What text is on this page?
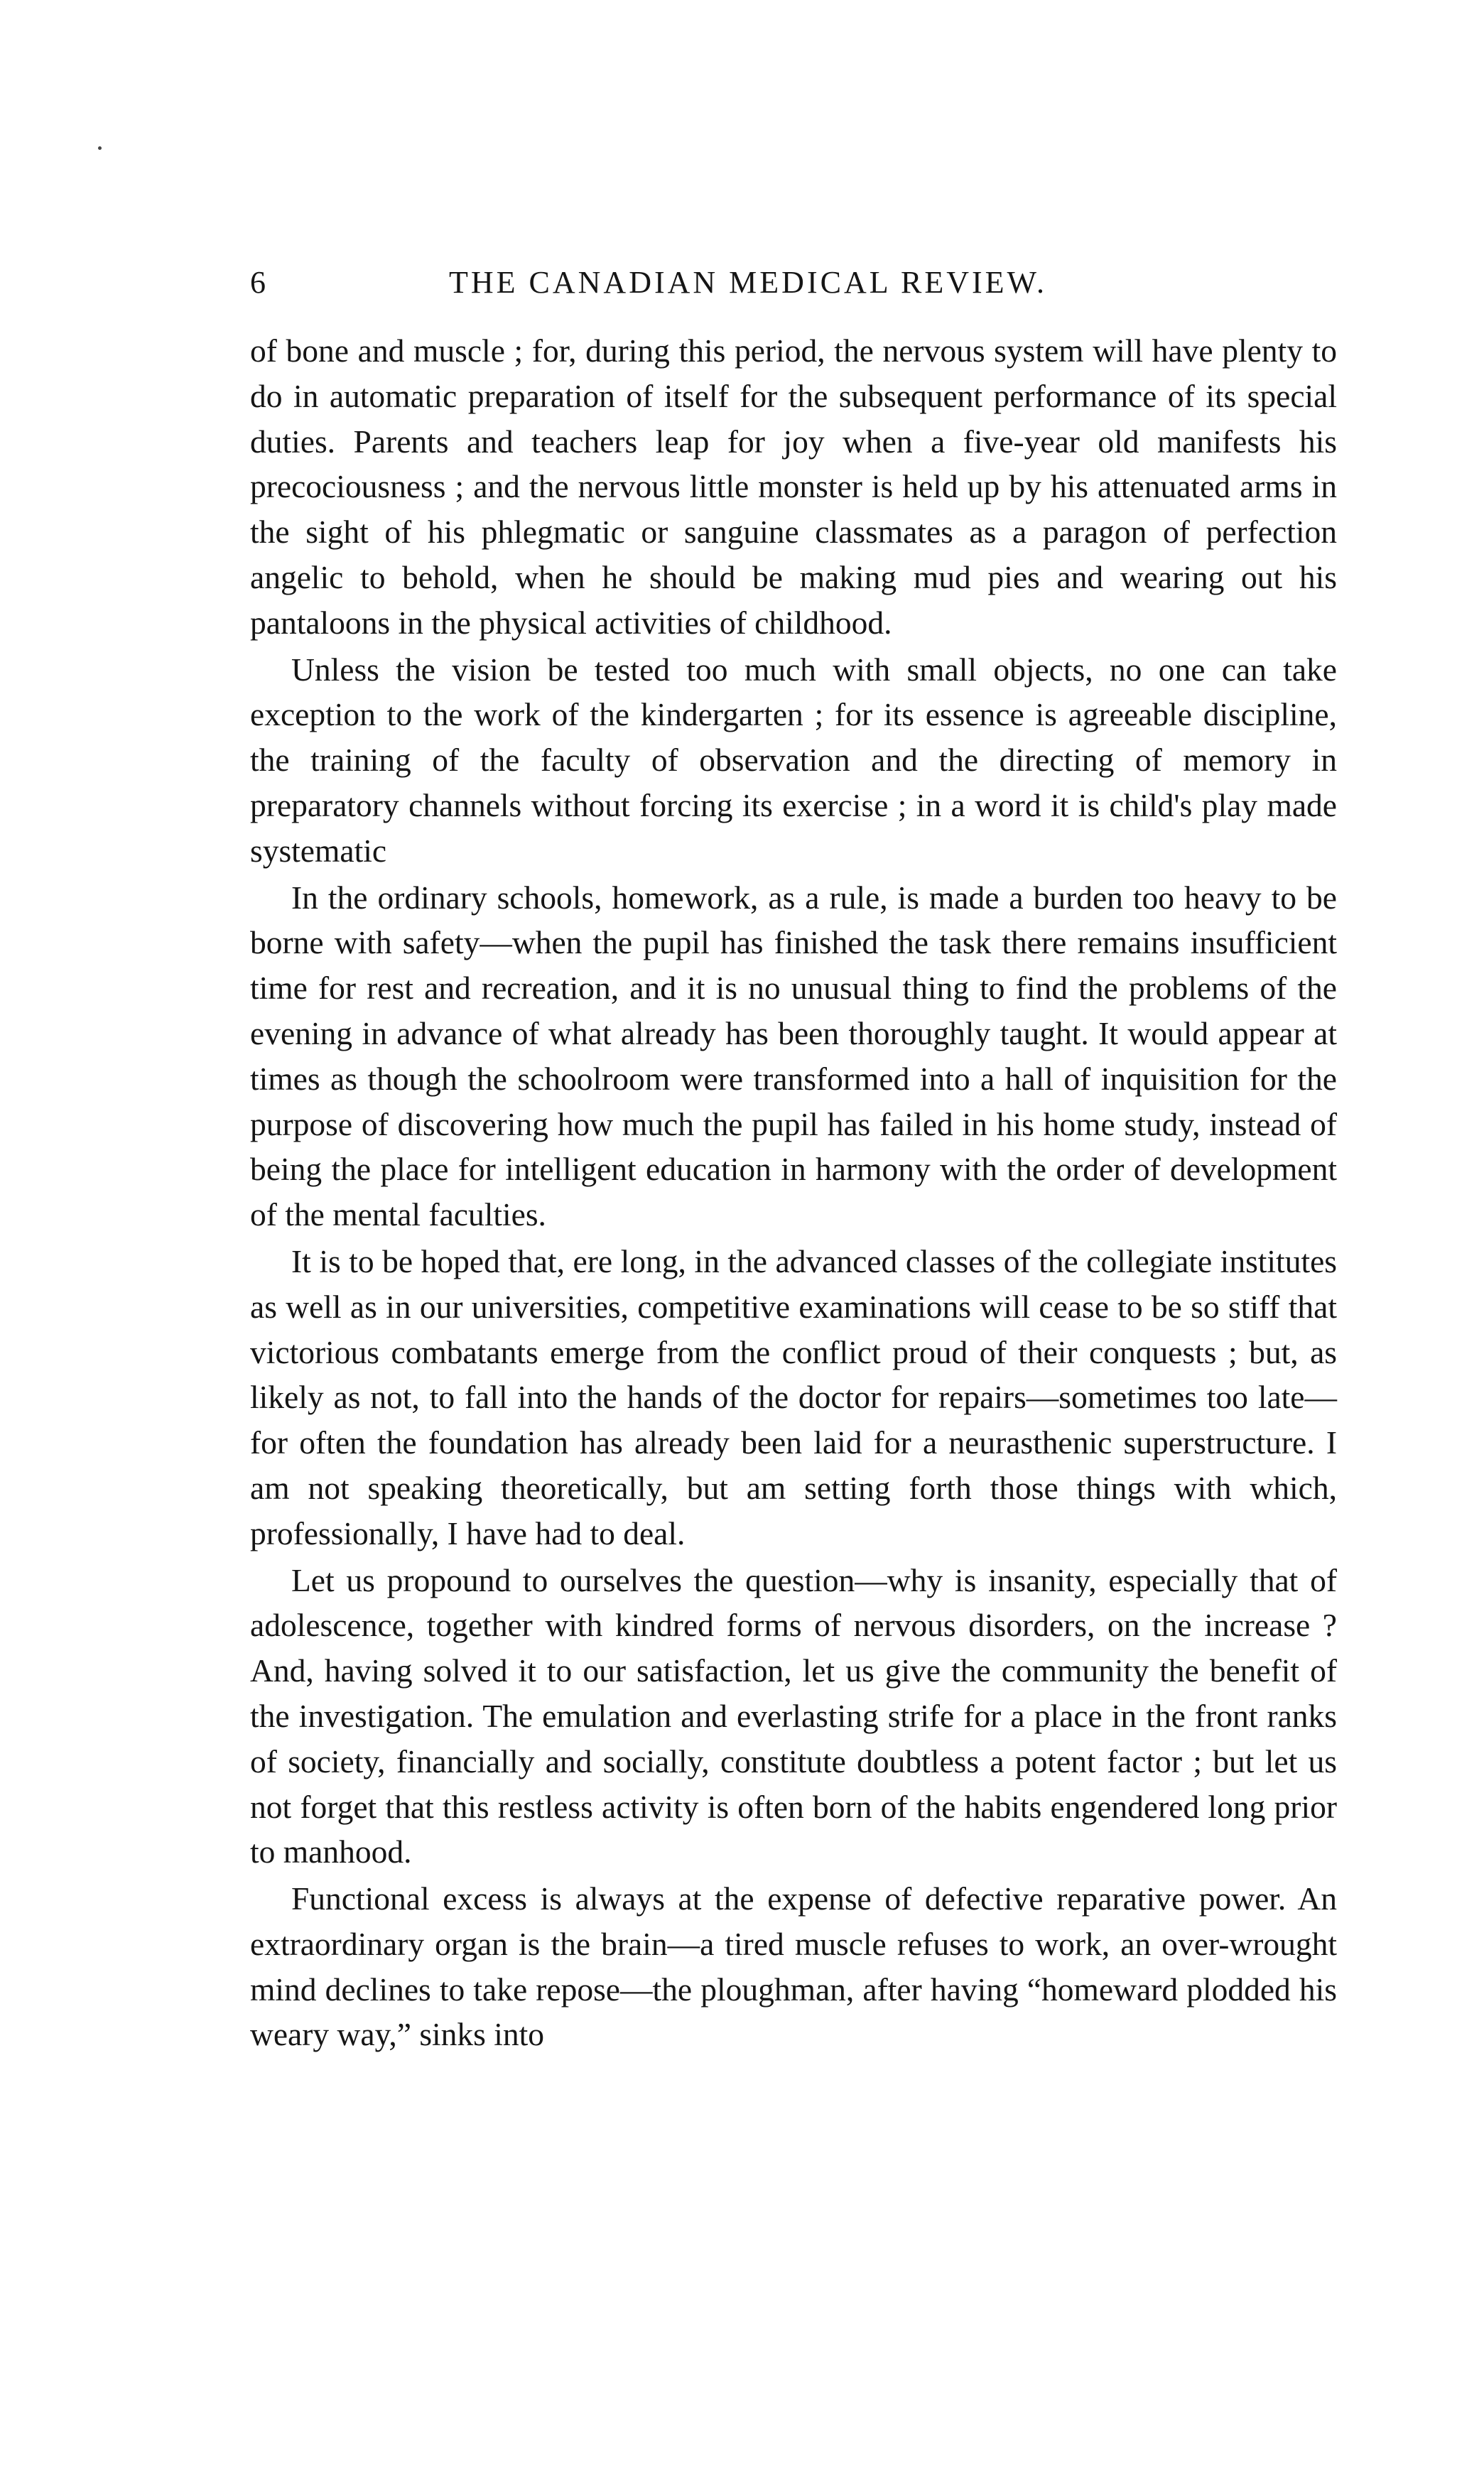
6	THE CANADIAN MEDICAL REVIEW.

of bone and muscle ; for, during this period, the nervous system will have plenty to do in automatic preparation of itself for the subsequent performance of its special duties. Parents and teachers leap for joy when a five-year old manifests his precociousness ; and the nervous little monster is held up by his attenuated arms in the sight of his phlegmatic or sanguine classmates as a paragon of perfection angelic to behold, when he should be making mud pies and wearing out his pantaloons in the physical activities of childhood.

Unless the vision be tested too much with small objects, no one can take exception to the work of the kindergarten ; for its essence is agreeable discipline, the training of the faculty of observation and the directing of memory in preparatory channels without forcing its exercise ; in a word it is child's play made systematic

In the ordinary schools, homework, as a rule, is made a burden too heavy to be borne with safety—when the pupil has finished the task there remains insufficient time for rest and recreation, and it is no unusual thing to find the problems of the evening in advance of what already has been thoroughly taught. It would appear at times as though the schoolroom were transformed into a hall of inquisition for the purpose of discovering how much the pupil has failed in his home study, instead of being the place for intelligent education in harmony with the order of development of the mental faculties.

It is to be hoped that, ere long, in the advanced classes of the collegiate institutes as well as in our universities, competitive examinations will cease to be so stiff that victorious combatants emerge from the conflict proud of their conquests ; but, as likely as not, to fall into the hands of the doctor for repairs—sometimes too late—for often the foundation has already been laid for a neurasthenic superstructure. I am not speaking theoretically, but am setting forth those things with which, professionally, I have had to deal.

Let us propound to ourselves the question—why is insanity, especially that of adolescence, together with kindred forms of nervous disorders, on the increase ? And, having solved it to our satisfaction, let us give the community the benefit of the investigation. The emulation and everlasting strife for a place in the front ranks of society, financially and socially, constitute doubtless a potent factor ; but let us not forget that this restless activity is often born of the habits engendered long prior to manhood.

Functional excess is always at the expense of defective reparative power. An extraordinary organ is the brain—a tired muscle refuses to work, an over-wrought mind declines to take repose—the ploughman, after having “homeward plodded his weary way,” sinks into
